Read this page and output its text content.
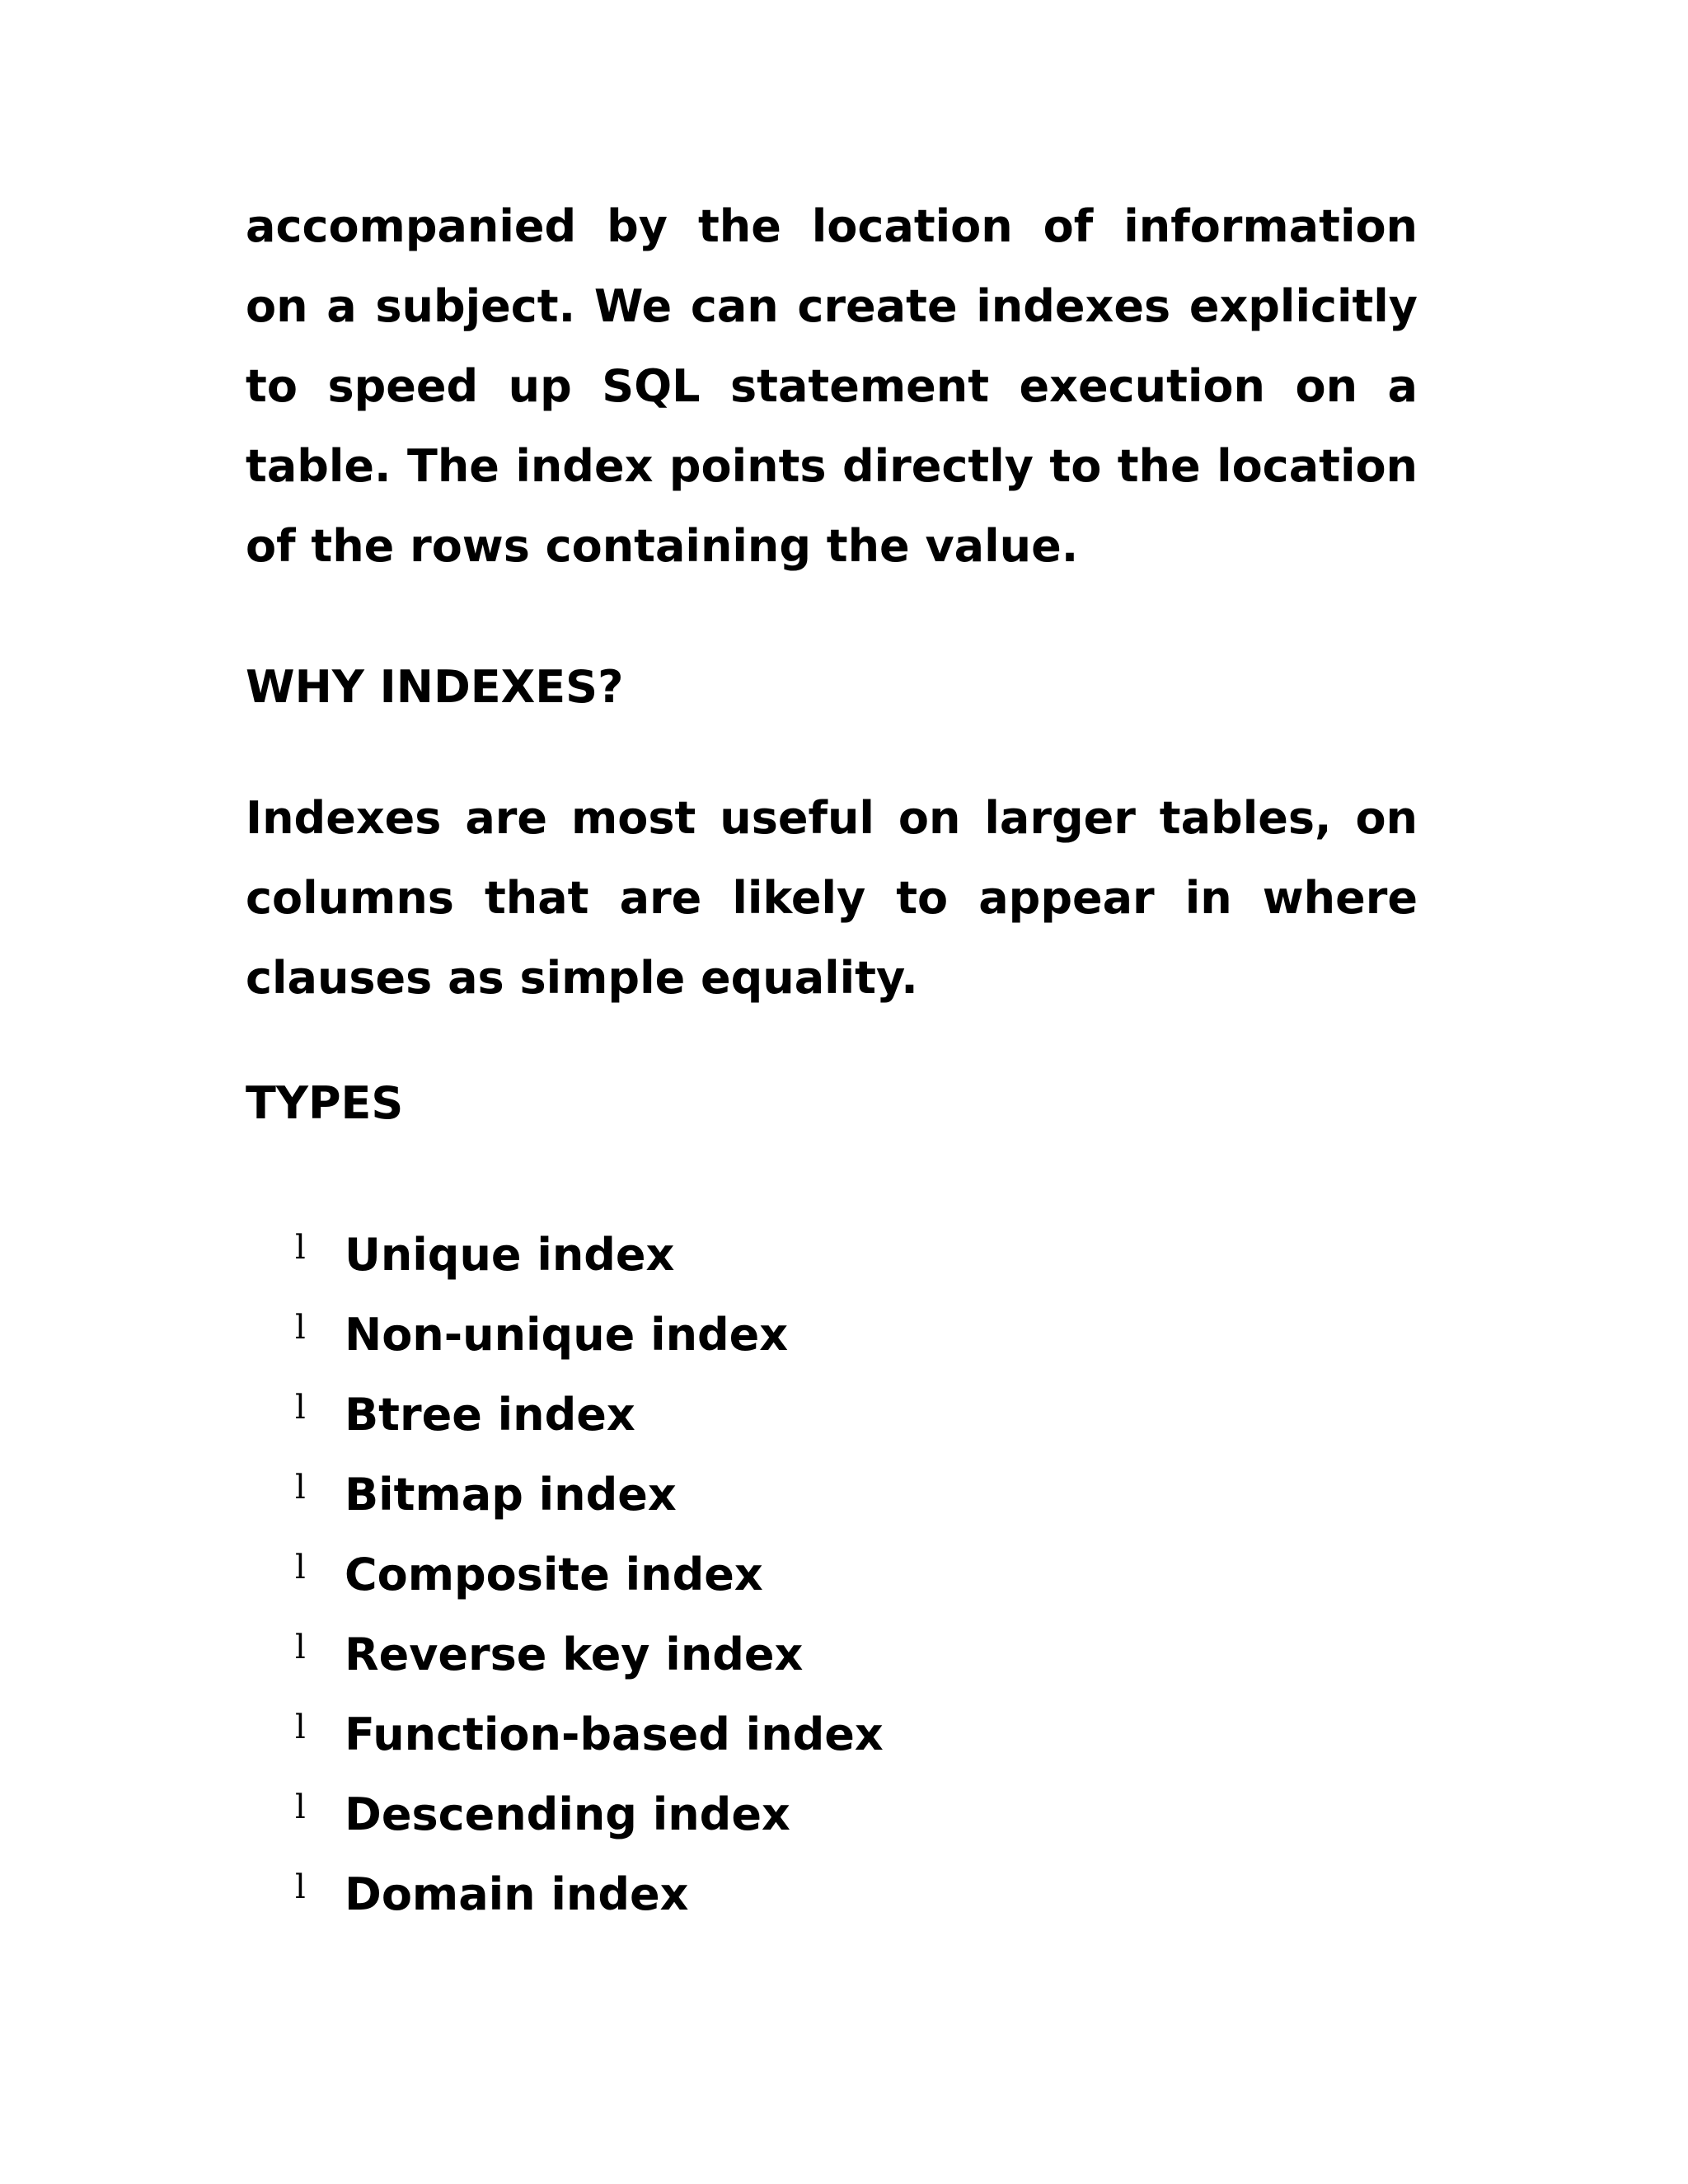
accompanied by the location of information on a subject. We can create indexes explicitly to speed up SQL statement execution on a table. The index points directly to the location of the rows containing the value.

WHY INDEXES?

Indexes are most useful on larger tables, on columns that are likely to appear in where clauses as simple equality.

TYPES
l Unique index
l Non-unique index
l Btree index
l Bitmap index
l Composite index
l Reverse key index
l Function-based index
l Descending index
l Domain index
